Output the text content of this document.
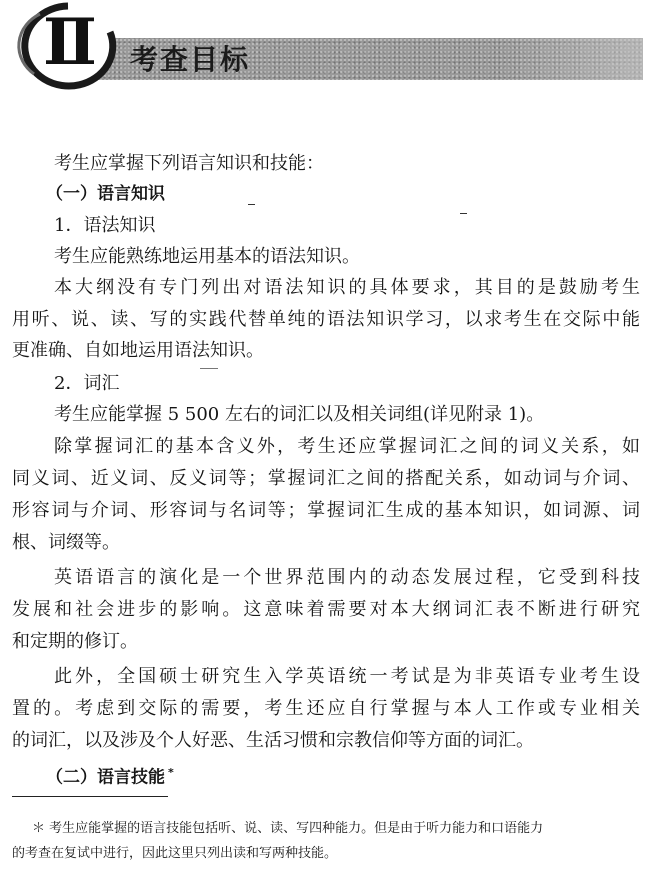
Ⅱ	考查目标
考生应掌握下列语言知识和技能：
（一）语言知识
1．语法知识
考生应能熟练地运用基本的语法知识。
本大纲没有专门列出对语法知识的具体要求，其目的是鼓励考生
用听、说、读、写的实践代替单纯的语法知识学习，以求考生在交际中能
更准确、自如地运用语法知识。
2．词汇
考生应能掌握 5 500 左右的词汇以及相关词组(详见附录 1)。
除掌握词汇的基本含义外，考生还应掌握词汇之间的词义关系，如
同义词、近义词、反义词等；掌握词汇之间的搭配关系，如动词与介词、
形容词与介词、形容词与名词等；掌握词汇生成的基本知识，如词源、词
根、词缀等。
英语语言的演化是一个世界范围内的动态发展过程，它受到科技
发展和社会进步的影响。这意味着需要对本大纲词汇表不断进行研究
和定期的修订。
此外，全国硕士研究生入学英语统一考试是为非英语专业考生设
置的。考虑到交际的需要，考生还应自行掌握与本人工作或专业相关
的词汇，以及涉及个人好恶、生活习惯和宗教信仰等方面的词汇。
（二）语言技能 *
＊ 考生应能掌握的语言技能包括听、说、读、写四种能力。但是由于听力能力和口语能力
的考查在复试中进行，因此这里只列出读和写两种技能。
